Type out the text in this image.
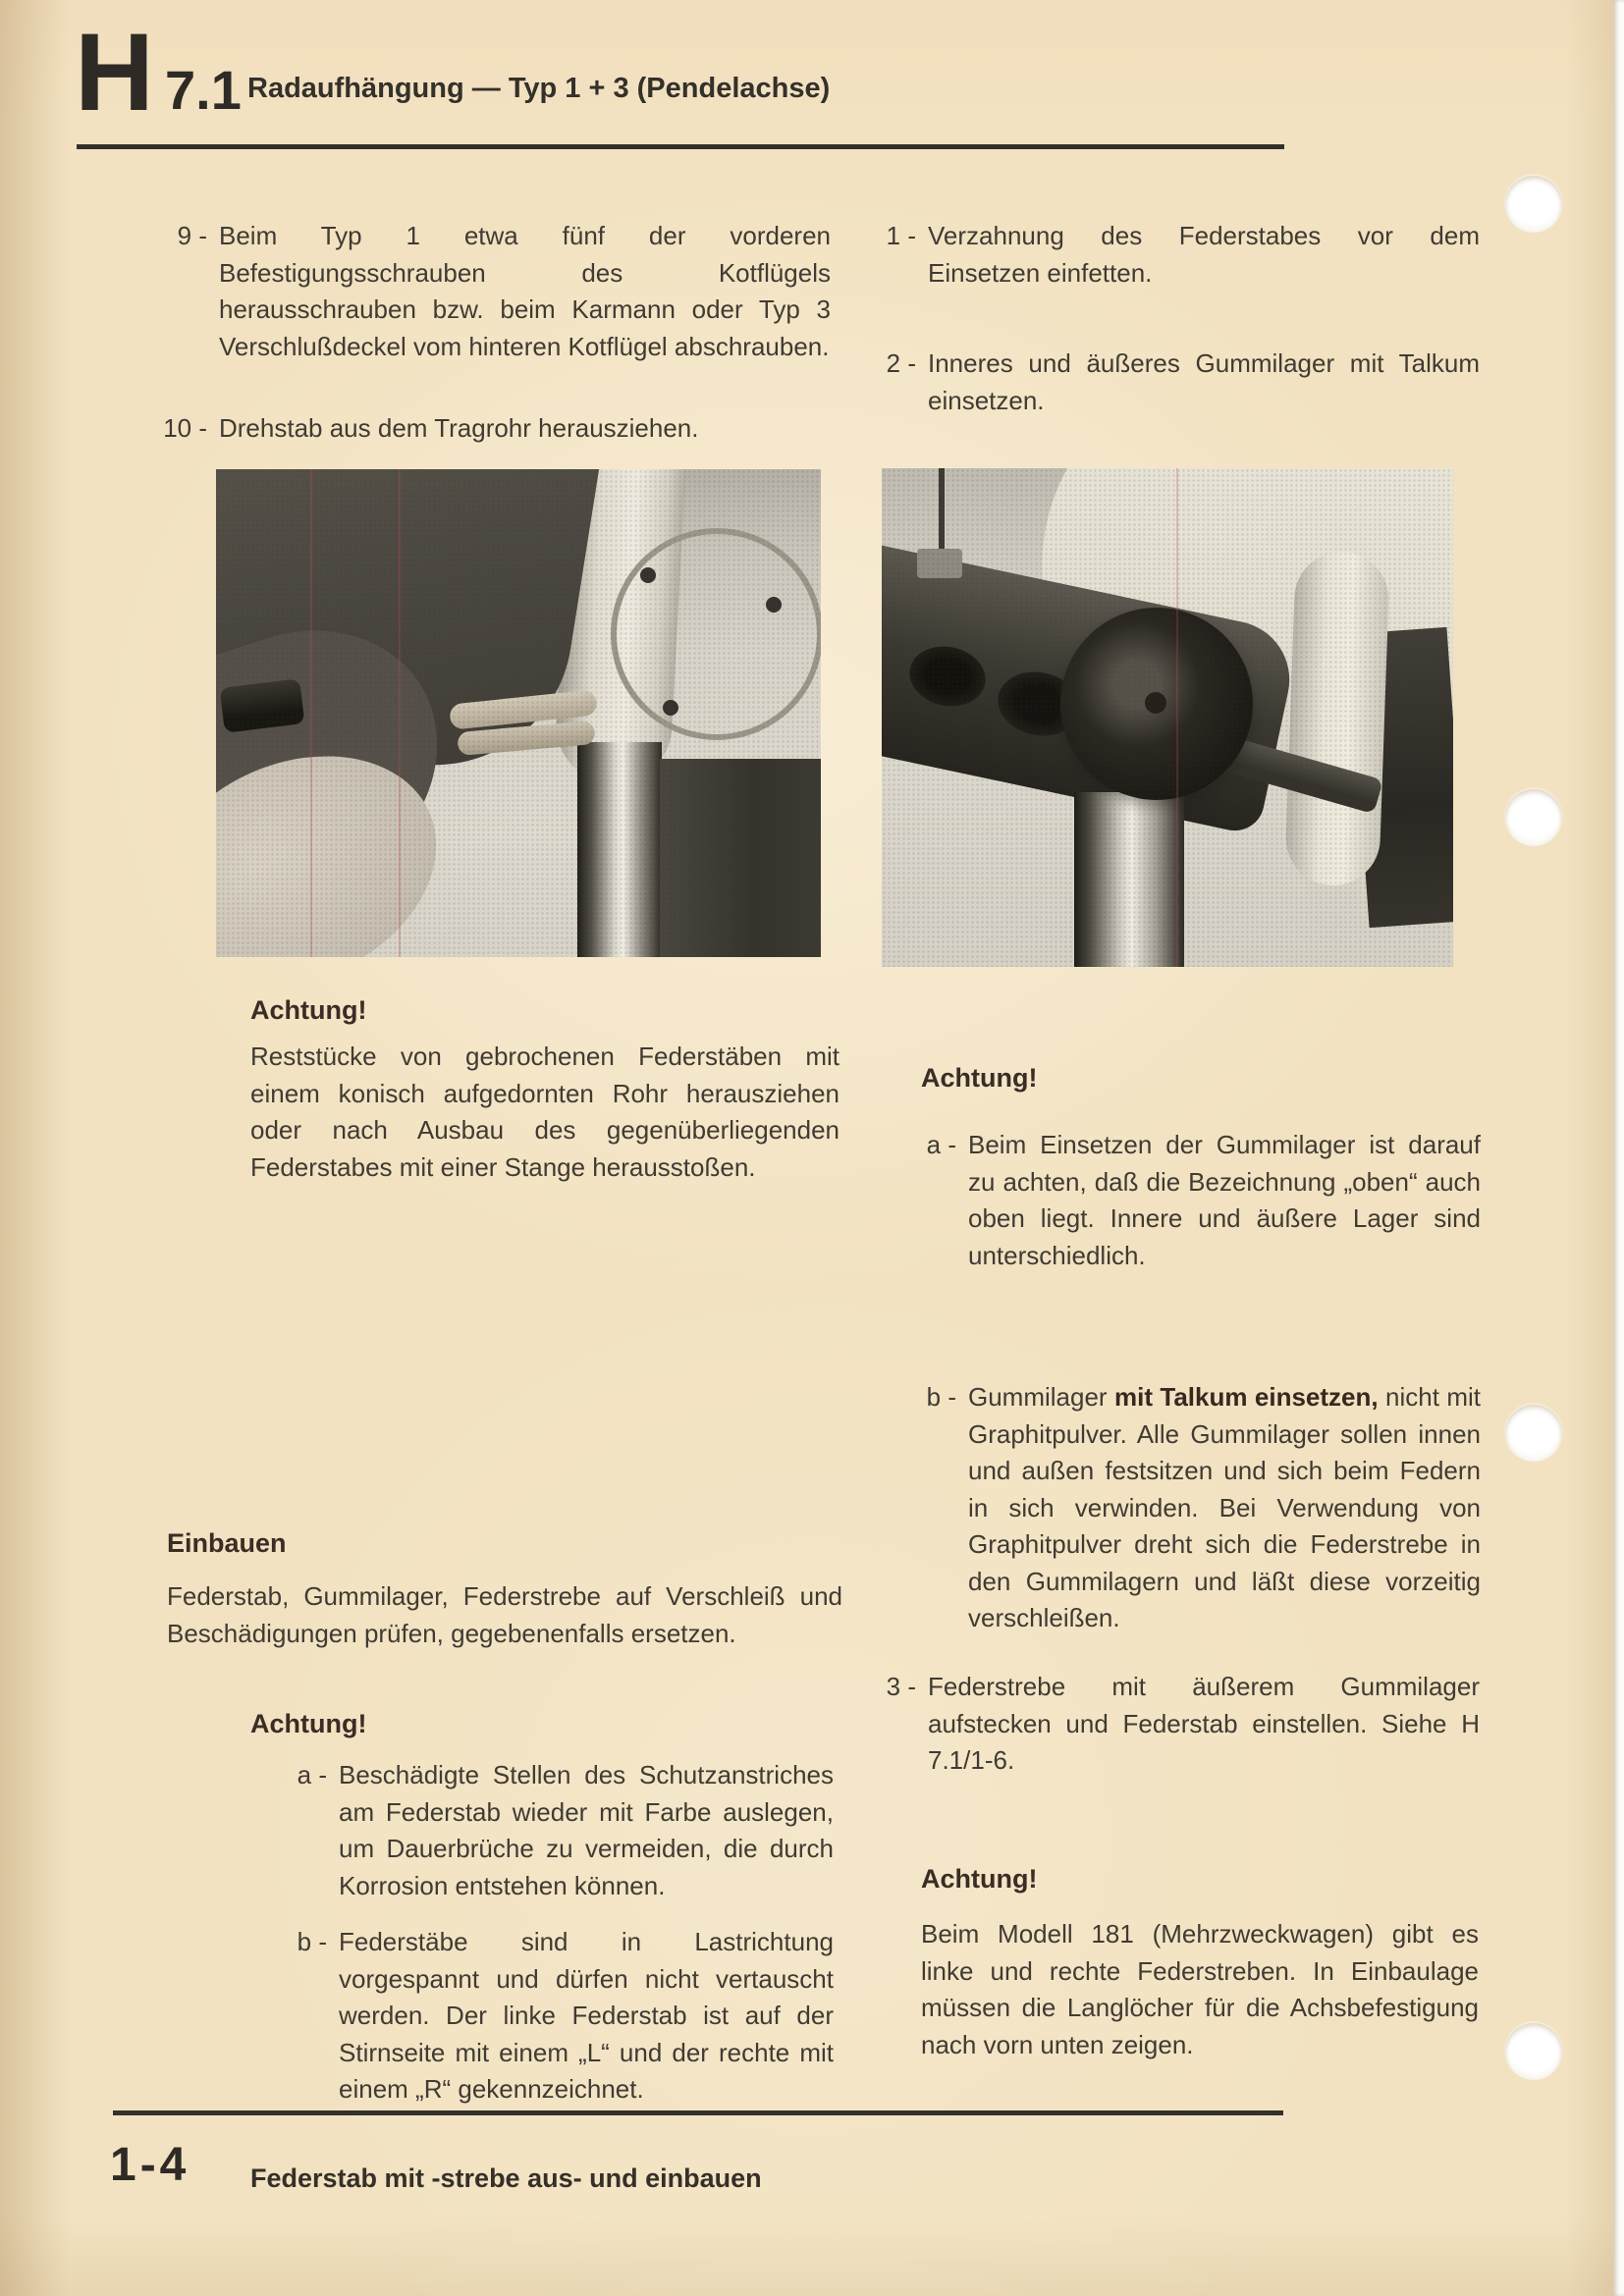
H 7.1 Radaufhängung — Typ 1 + 3 (Pendelachse)
9 - Beim Typ 1 etwa fünf der vorderen Befestigungsschrauben des Kotflügels herausschrauben bzw. beim Karmann oder Typ 3 Verschlußdeckel vom hinteren Kotflügel abschrauben.
10 - Drehstab aus dem Tragrohr herausziehen.
1 - Verzahnung des Federstabes vor dem Einsetzen einfetten.
2 - Inneres und äußeres Gummilager mit Talkum einsetzen.
Achtung!
Reststücke von gebrochenen Federstäben mit einem konisch aufgedornten Rohr herausziehen oder nach Ausbau des gegenüberliegenden Federstabes mit einer Stange herausstoßen.
Einbauen
Federstab, Gummilager, Federstrebe auf Verschleiß und Beschädigungen prüfen, gegebenenfalls ersetzen.
Achtung!
a - Beschädigte Stellen des Schutzanstriches am Federstab wieder mit Farbe auslegen, um Dauerbrüche zu vermeiden, die durch Korrosion entstehen können.
b - Federstäbe sind in Lastrichtung vorgespannt und dürfen nicht vertauscht werden. Der linke Federstab ist auf der Stirnseite mit einem „L“ und der rechte mit einem „R“ gekennzeichnet.
Achtung!
a - Beim Einsetzen der Gummilager ist darauf zu achten, daß die Bezeichnung „oben“ auch oben liegt. Innere und äußere Lager sind unterschiedlich.
b - Gummilager mit Talkum einsetzen, nicht mit Graphitpulver. Alle Gummilager sollen innen und außen festsitzen und sich beim Federn in sich verwinden. Bei Verwendung von Graphitpulver dreht sich die Federstrebe in den Gummilagern und läßt diese vorzeitig verschleißen.
3 - Federstrebe mit äußerem Gummilager aufstecken und Federstab einstellen. Siehe H 7.1/1-6.
Achtung!
Beim Modell 181 (Mehrzweckwagen) gibt es linke und rechte Federstreben. In Einbaulage müssen die Langlöcher für die Achsbefestigung nach vorn unten zeigen.
1-4 Federstab mit -strebe aus- und einbauen
